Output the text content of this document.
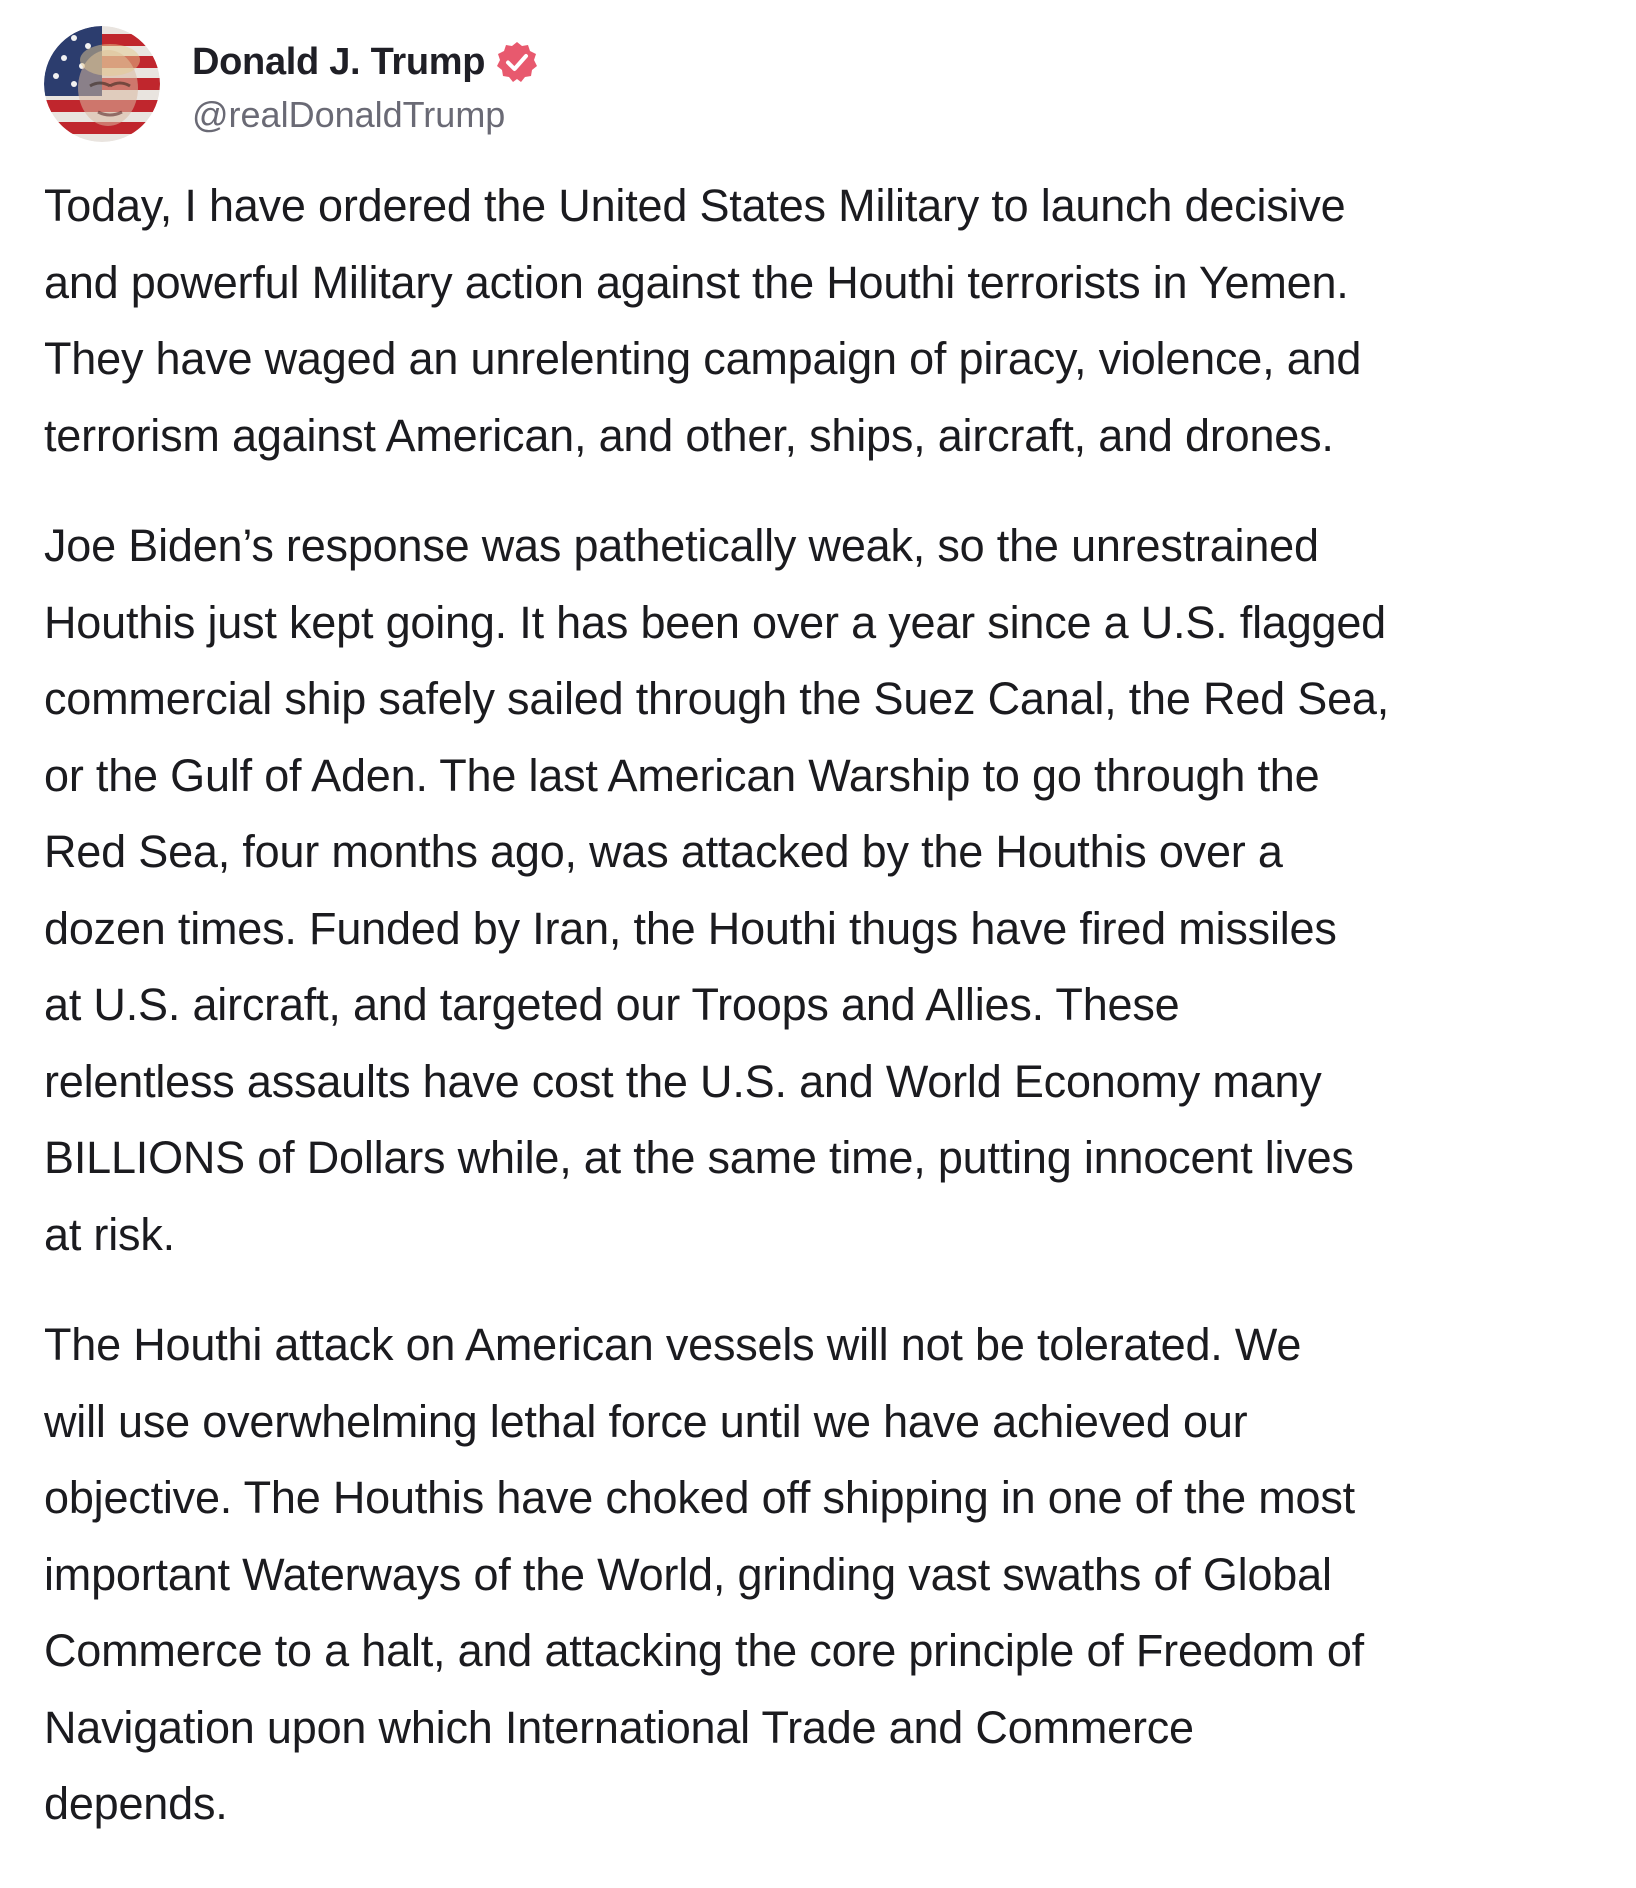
Donald J. Trump
@realDonaldTrump

Today, I have ordered the United States Military to launch decisive
and powerful Military action against the Houthi terrorists in Yemen.
They have waged an unrelenting campaign of piracy, violence, and
terrorism against American, and other, ships, aircraft, and drones.

Joe Biden’s response was pathetically weak, so the unrestrained
Houthis just kept going. It has been over a year since a U.S. flagged
commercial ship safely sailed through the Suez Canal, the Red Sea,
or the Gulf of Aden. The last American Warship to go through the
Red Sea, four months ago, was attacked by the Houthis over a
dozen times. Funded by Iran, the Houthi thugs have fired missiles
at U.S. aircraft, and targeted our Troops and Allies. These
relentless assaults have cost the U.S. and World Economy many
BILLIONS of Dollars while, at the same time, putting innocent lives
at risk.

The Houthi attack on American vessels will not be tolerated. We
will use overwhelming lethal force until we have achieved our
objective. The Houthis have choked off shipping in one of the most
important Waterways of the World, grinding vast swaths of Global
Commerce to a halt, and attacking the core principle of Freedom of
Navigation upon which International Trade and Commerce
depends.
